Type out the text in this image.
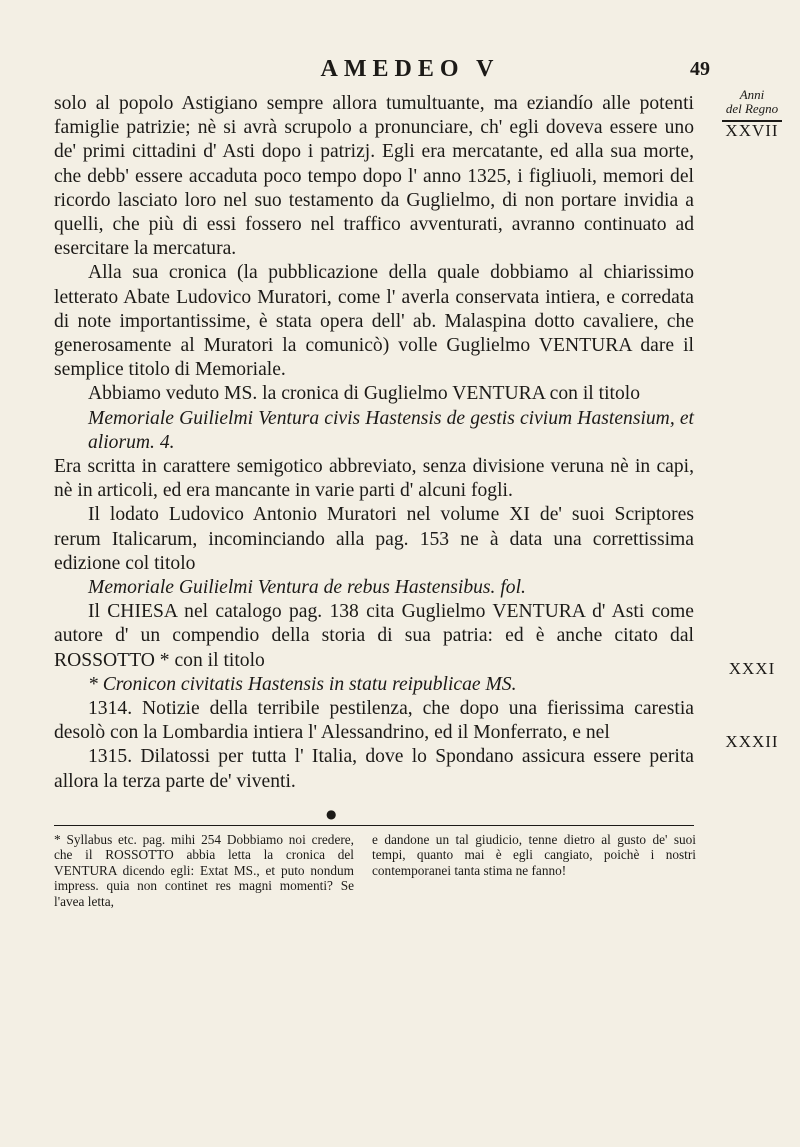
AMEDEO V	49
Anni
del Regno
XXVII
XXXI
XXXII

solo al popolo Astigiano sempre allora tumultuante, ma eziandío alle potenti famiglie patrizie; nè si avrà scrupolo a pronunciare, ch' egli doveva essere uno de' primi cittadini d' Asti dopo i patrizj. Egli era mercatante, ed alla sua morte, che debb' essere accaduta poco tempo dopo l' anno 1325, i figliuoli, memori del ricordo lasciato loro nel suo testamento da Guglielmo, di non portare invidia a quelli, che più di essi fossero nel traffico avventurati, avranno continuato ad esercitare la mercatura.

Alla sua cronica (la pubblicazione della quale dobbiamo al chiarissimo letterato Abate Ludovico Muratori, come l' averla conservata intiera, e corredata di note importantissime, è stata opera dell' ab. Malaspina dotto cavaliere, che generosamente al Muratori la comunicò) volle Guglielmo VENTURA dare il semplice titolo di Memoriale.

Abbiamo veduto MS. la cronica di Guglielmo VENTURA con il titolo

Memoriale Guilielmi Ventura civis Hastensis de gestis civium Hastensium, et aliorum. 4.

Era scritta in carattere semigotico abbreviato, senza divisione veruna nè in capi, nè in articoli, ed era mancante in varie parti d' alcuni fogli.

Il lodato Ludovico Antonio Muratori nel volume XI de' suoi Scriptores rerum Italicarum, incominciando alla pag. 153 ne à data una correttissima edizione col titolo

Memoriale Guilielmi Ventura de rebus Hastensibus. fol.

Il CHIESA nel catalogo pag. 138 cita Guglielmo VENTURA d' Asti come autore d' un compendio della storia di sua patria: ed è anche citato dal ROSSOTTO * con il titolo

* Cronicon civitatis Hastensis in statu reipublicae MS.

1314. Notizie della terribile pestilenza, che dopo una fierissima carestia desolò con la Lombardia intiera l' Alessandrino, ed il Monferrato, e nel

1315. Dilatossi per tutta l' Italia, dove lo Spondano assicura essere perita allora la terza parte de' viventi.

●
* Syllabus etc. pag. mihi 254 Dobbiamo noi credere, che il ROSSOTTO abbia letta la cronica del VENTURA dicendo egli: Extat MS., et puto nondum impress. quia non continet res magni momenti? Se l'avea letta,
e dandone un tal giudicio, tenne dietro al gusto de' suoi tempi, quanto mai è egli cangiato, poichè i nostri contemporanei tanta stima ne fanno!
